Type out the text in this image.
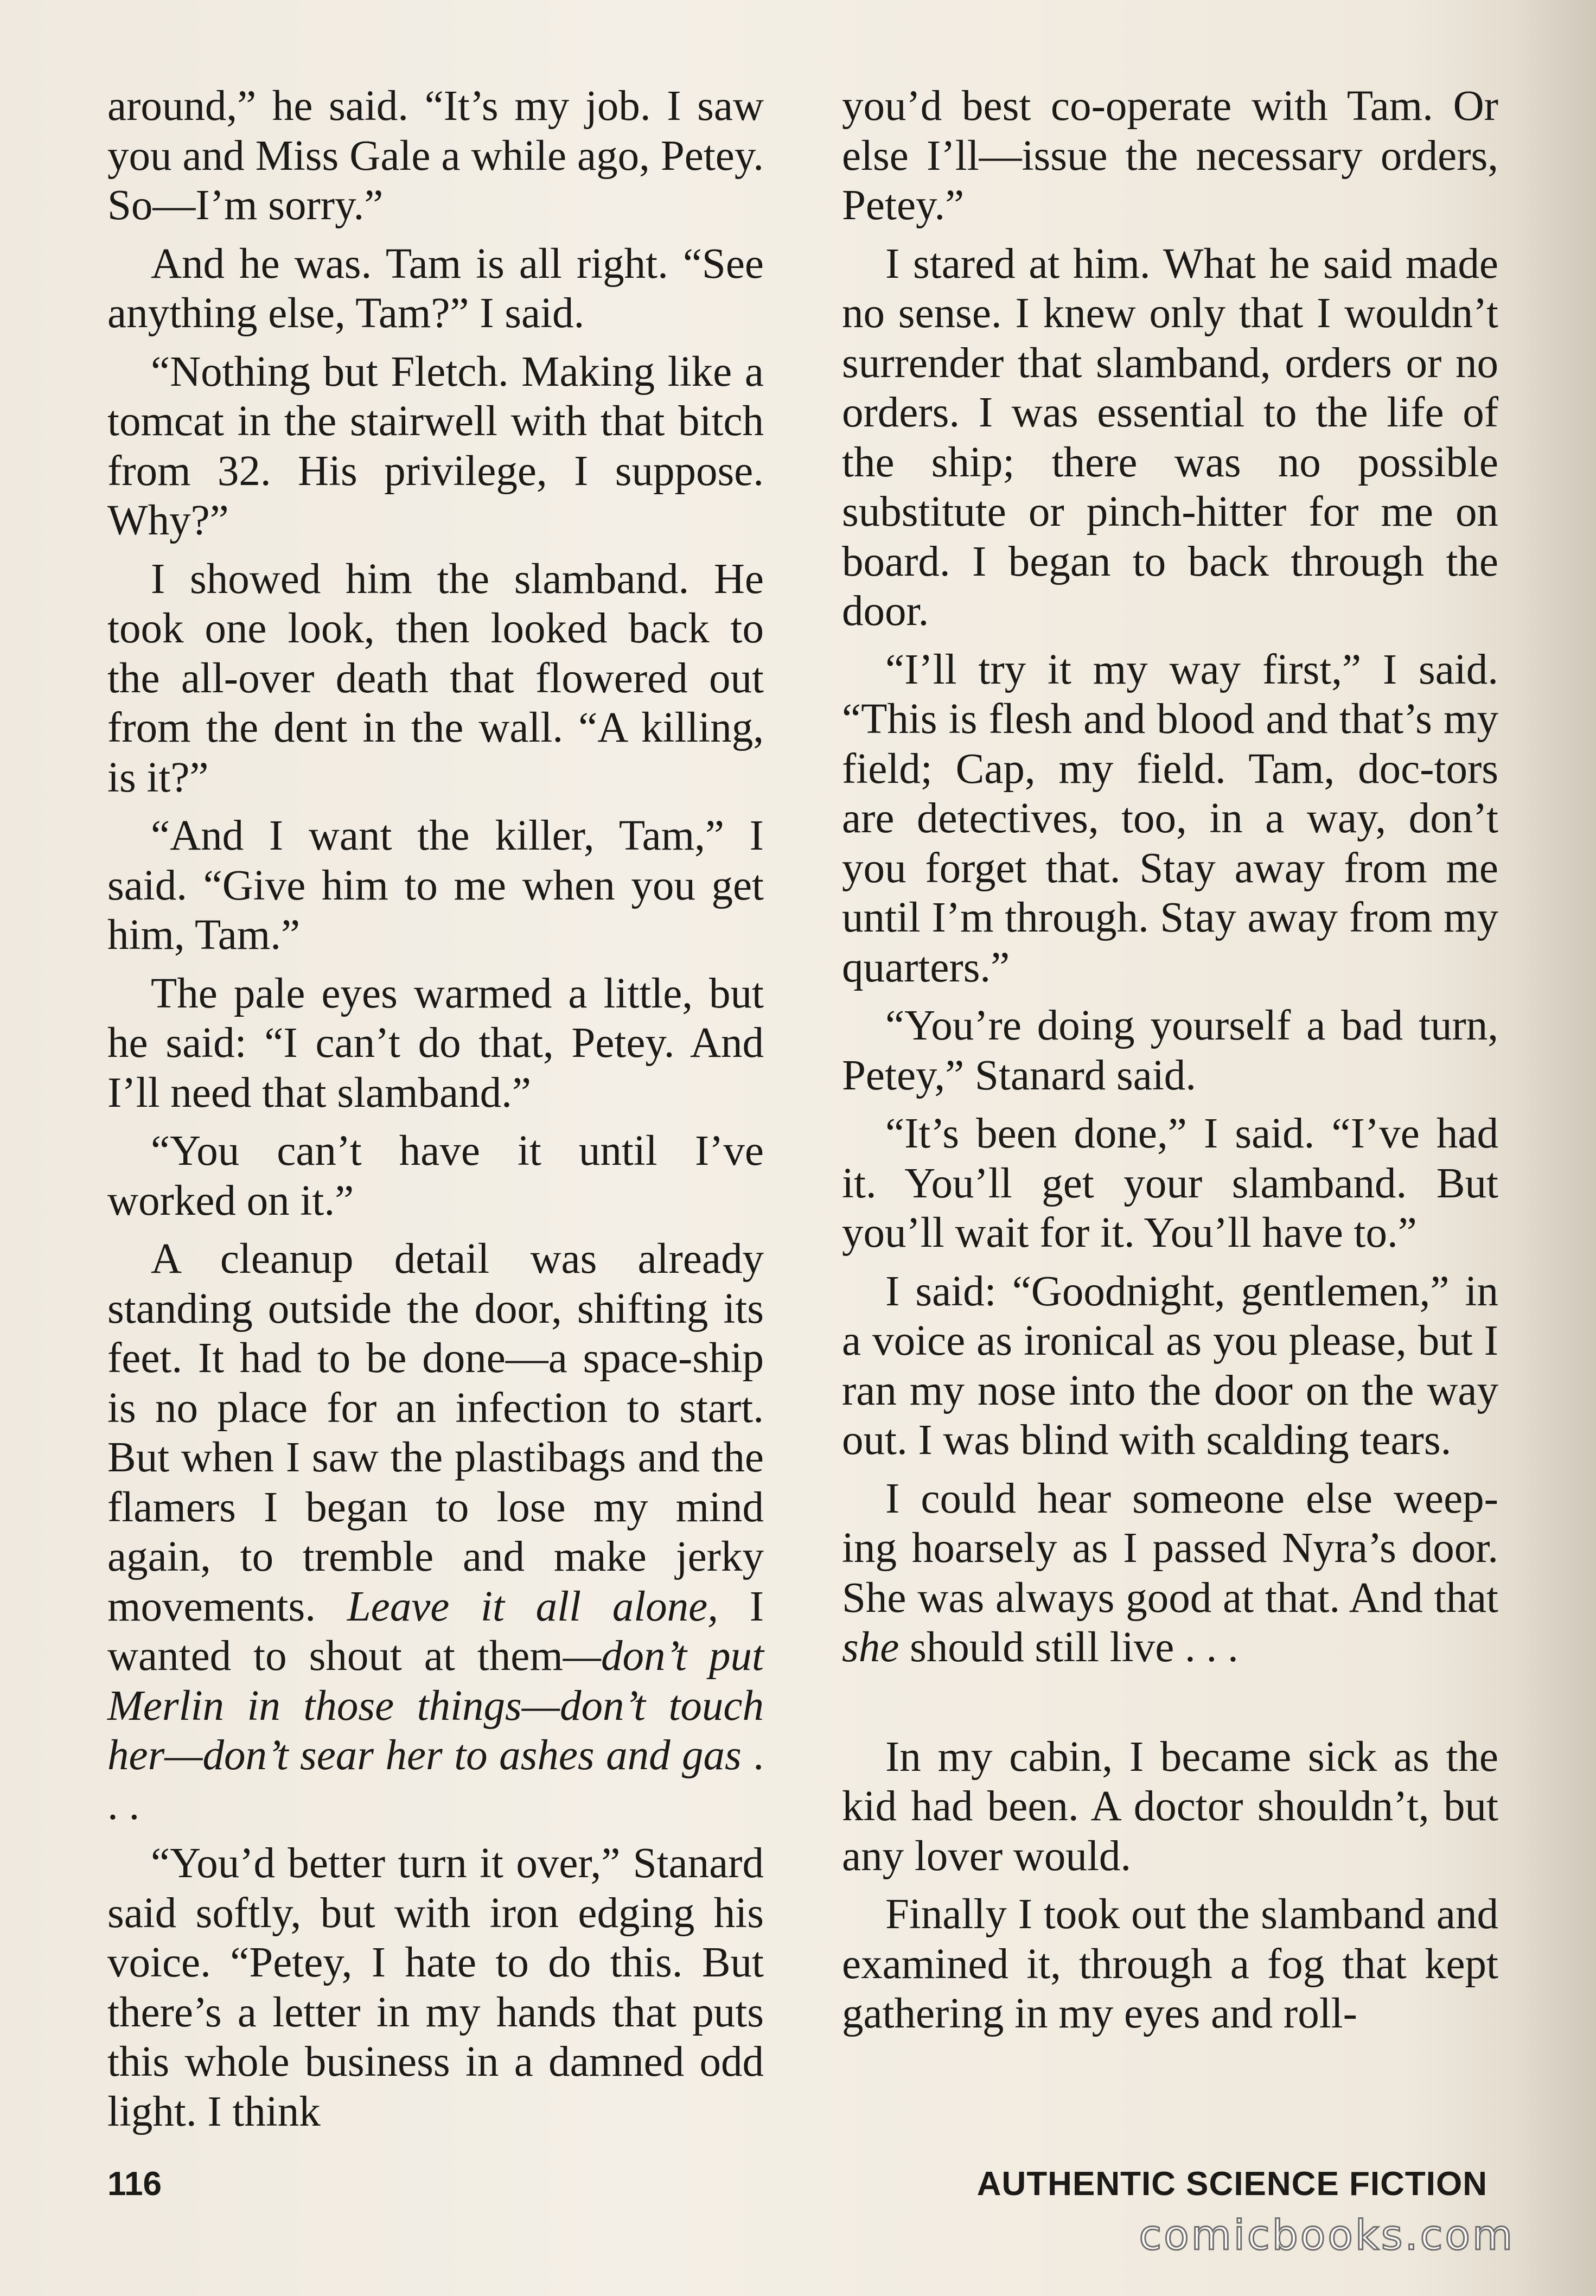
around,” he said. “It’s my job. I saw you and Miss Gale a while ago, Petey. So—I’m sorry.”

And he was. Tam is all right. “See anything else, Tam?” I said.

“Nothing but Fletch. Making like a tomcat in the stairwell with that bitch from 32. His privilege, I suppose. Why?”

I showed him the slamband. He took one look, then looked back to the all-over death that flowered out from the dent in the wall. “A killing, is it?”

“And I want the killer, Tam,” I said. “Give him to me when you get him, Tam.”

The pale eyes warmed a little, but he said: “I can’t do that, Petey. And I’ll need that slamband.”

“You can’t have it until I’ve worked on it.”

A cleanup detail was already standing outside the door, shifting its feet. It had to be done—a space-ship is no place for an infection to start. But when I saw the plastibags and the flamers I began to lose my mind again, to tremble and make jerky movements. Leave it all alone, I wanted to shout at them—don’t put Merlin in those things—don’t touch her—don’t sear her to ashes and gas . . .

“You’d better turn it over,” Stanard said softly, but with iron edging his voice. “Petey, I hate to do this. But there’s a letter in my hands that puts this whole business in a damned odd light. I think

you’d best co-operate with Tam. Or else I’ll—issue the necessary orders, Petey.”

I stared at him. What he said made no sense. I knew only that I wouldn’t surrender that slamband, orders or no orders. I was essential to the life of the ship; there was no possible substitute or pinch-hitter for me on board. I began to back through the door.

“I’ll try it my way first,” I said. “This is flesh and blood and that’s my field; Cap, my field. Tam, doc-tors are detectives, too, in a way, don’t you forget that. Stay away from me until I’m through. Stay away from my quarters.”

“You’re doing yourself a bad turn, Petey,” Stanard said.

“It’s been done,” I said. “I’ve had it. You’ll get your slamband. But you’ll wait for it. You’ll have to.”

I said: “Goodnight, gentlemen,” in a voice as ironical as you please, but I ran my nose into the door on the way out. I was blind with scalding tears.

I could hear someone else weep-ing hoarsely as I passed Nyra’s door. She was always good at that. And that she should still live . . .

In my cabin, I became sick as the kid had been. A doctor shouldn’t, but any lover would.

Finally I took out the slamband and examined it, through a fog that kept gathering in my eyes and roll-

116	AUTHENTIC SCIENCE FICTION
comicbooks.com
